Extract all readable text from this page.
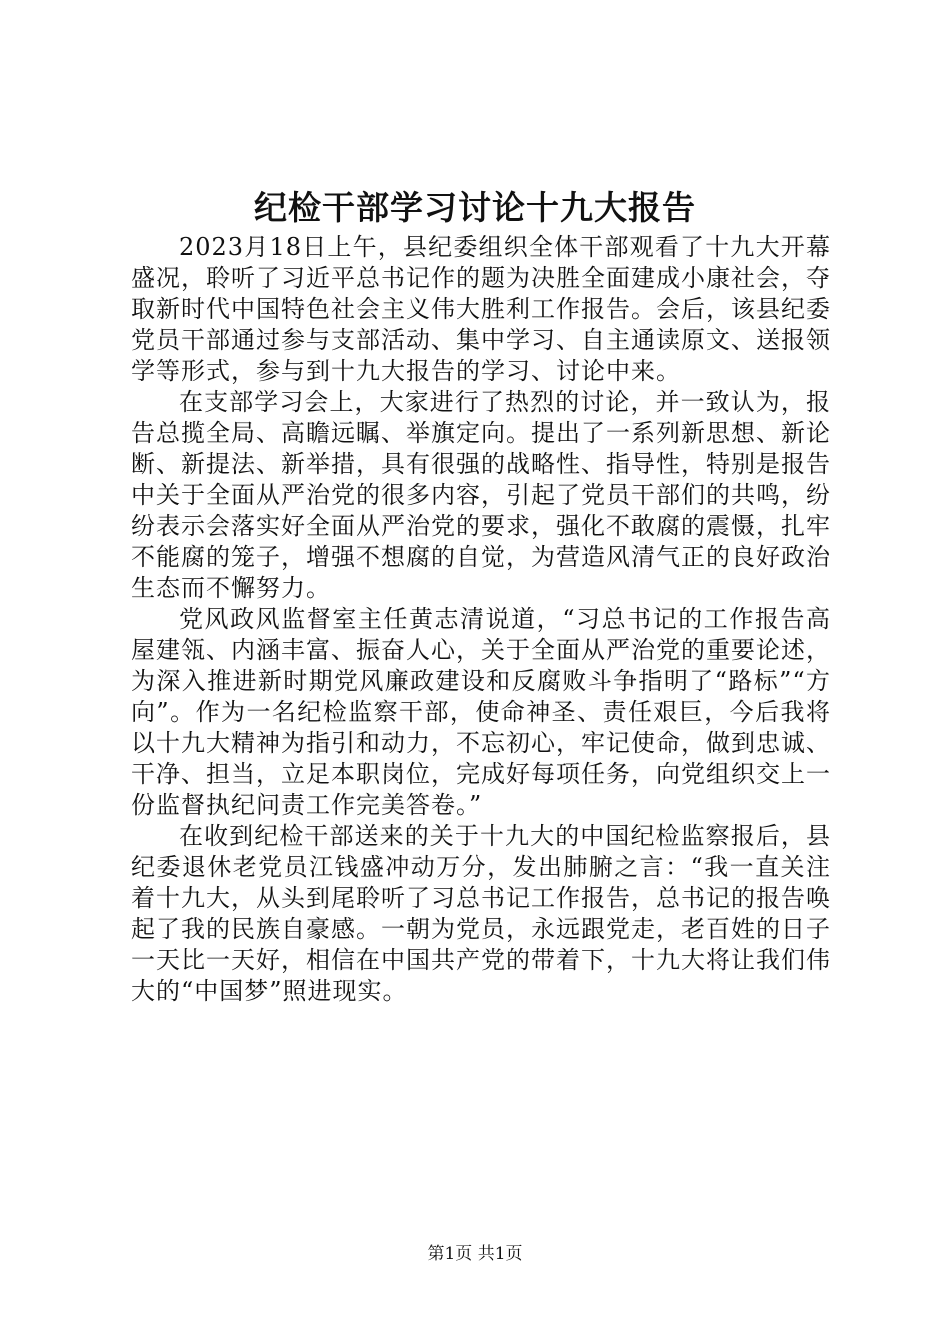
纪检干部学习讨论十九大报告

2023月18日上午，县纪委组织全体干部观看了十九大开幕盛况，聆听了习近平总书记作的题为决胜全面建成小康社会，夺取新时代中国特色社会主义伟大胜利工作报告。会后，该县纪委党员干部通过参与支部活动、集中学习、自主通读原文、送报领学等形式，参与到十九大报告的学习、讨论中来。

在支部学习会上，大家进行了热烈的讨论，并一致认为，报告总揽全局、高瞻远瞩、举旗定向。提出了一系列新思想、新论断、新提法、新举措，具有很强的战略性、指导性，特别是报告中关于全面从严治党的很多内容，引起了党员干部们的共鸣，纷纷表示会落实好全面从严治党的要求，强化不敢腐的震慑，扎牢不能腐的笼子，增强不想腐的自觉，为营造风清气正的良好政治生态而不懈努力。

党风政风监督室主任黄志清说道，“习总书记的工作报告高屋建瓴、内涵丰富、振奋人心，关于全面从严治党的重要论述，为深入推进新时期党风廉政建设和反腐败斗争指明了“路标”“方向”。作为一名纪检监察干部，使命神圣、责任艰巨，今后我将以十九大精神为指引和动力，不忘初心，牢记使命，做到忠诚、干净、担当，立足本职岗位，完成好每项任务，向党组织交上一份监督执纪问责工作完美答卷。”

在收到纪检干部送来的关于十九大的中国纪检监察报后，县纪委退休老党员江钱盛冲动万分，发出肺腑之言：“我一直关注着十九大，从头到尾聆听了习总书记工作报告，总书记的报告唤起了我的民族自豪感。一朝为党员，永远跟党走，老百姓的日子一天比一天好，相信在中国共产党的带着下，十九大将让我们伟大的“中国梦”照进现实。

第1页 共1页
